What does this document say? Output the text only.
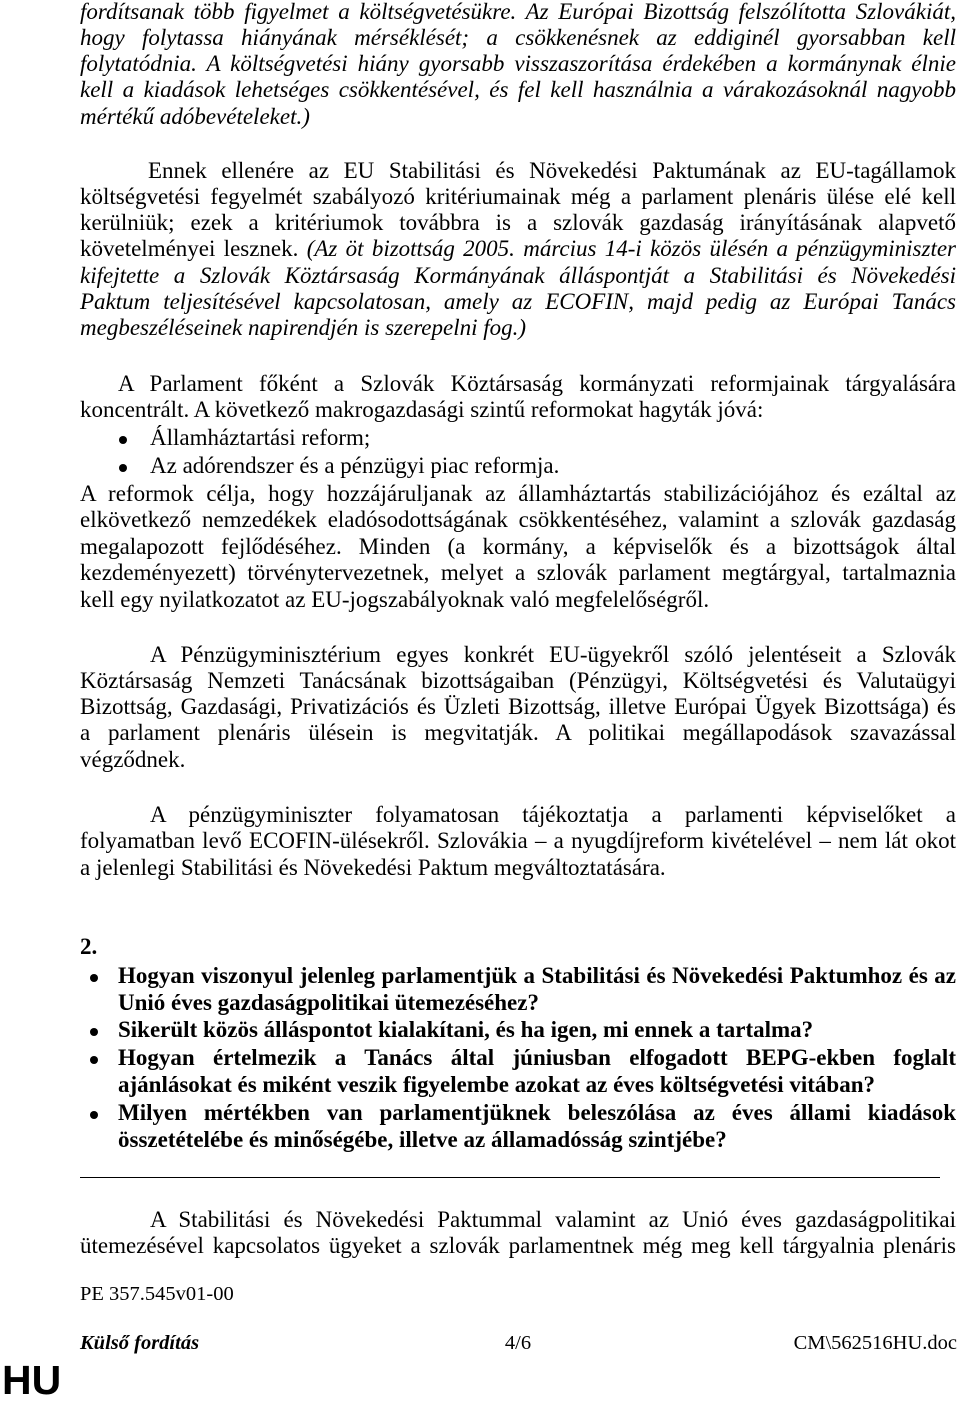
fordítsanak több figyelmet a költségvetésükre. Az Európai Bizottság felszólította Szlovákiát,
hogy folytassa hiányának mérséklését; a csökkenésnek az eddiginél gyorsabban kell
folytatódnia. A költségvetési hiány gyorsabb visszaszorítása érdekében a kormánynak élnie
kell a kiadások lehetséges csökkentésével, és fel kell használnia a várakozásoknál nagyobb
mértékű adóbevételeket.)
Ennek ellenére az EU Stabilitási és Növekedési Paktumának az EU-tagállamok
költségvetési fegyelmét szabályozó kritériumainak még a parlament plenáris ülése elé kell
kerülniük; ezek a kritériumok továbbra is a szlovák gazdaság irányításának alapvető
követelményei lesznek. (Az öt bizottság 2005. március 14-i közös ülésén a pénzügyminiszter
kifejtette a Szlovák Köztársaság Kormányának álláspontját a Stabilitási és Növekedési
Paktum teljesítésével kapcsolatosan, amely az ECOFIN, majd pedig az Európai Tanács
megbeszéléseinek napirendjén is szerepelni fog.)
A Parlament főként a Szlovák Köztársaság kormányzati reformjainak tárgyalására
koncentrált. A következő makrogazdasági szintű reformokat hagyták jóvá:
Államháztartási reform;
Az adórendszer és a pénzügyi piac reformja.
A reformok célja, hogy hozzájáruljanak az államháztartás stabilizációjához és ezáltal az
elkövetkező nemzedékek eladósodottságának csökkentéséhez, valamint a szlovák gazdaság
megalapozott fejlődéséhez. Minden (a kormány, a képviselők és a bizottságok által
kezdeményezett) törvénytervezetnek, melyet a szlovák parlament megtárgyal, tartalmaznia
kell egy nyilatkozatot az EU-jogszabályoknak való megfelelőségről.
A Pénzügyminisztérium egyes konkrét EU-ügyekről szóló jelentéseit a Szlovák
Köztársaság Nemzeti Tanácsának bizottságaiban (Pénzügyi, Költségvetési és Valutaügyi
Bizottság, Gazdasági, Privatizációs és Üzleti Bizottság, illetve Európai Ügyek Bizottsága) és
a parlament plenáris ülésein is megvitatják. A politikai megállapodások szavazással
végződnek.
A pénzügyminiszter folyamatosan tájékoztatja a parlamenti képviselőket a
folyamatban levő ECOFIN-ülésekről. Szlovákia – a nyugdíjreform kivételével – nem lát okot
a jelenlegi Stabilitási és Növekedési Paktum megváltoztatására.
2.
Hogyan viszonyul jelenleg parlamentjük a Stabilitási és Növekedési Paktumhoz és az
Unió éves gazdaságpolitikai ütemezéséhez?
Sikerült közös álláspontot kialakítani, és ha igen, mi ennek a tartalma?
Hogyan értelmezik a Tanács által júniusban elfogadott BEPG-ekben foglalt
ajánlásokat és miként veszik figyelembe azokat az éves költségvetési vitában?
Milyen mértékben van parlamentjüknek beleszólása az éves állami kiadások
összetételébe és minőségébe, illetve az államadósság szintjébe?
A Stabilitási és Növekedési Paktummal valamint az Unió éves gazdaságpolitikai
ütemezésével kapcsolatos ügyeket a szlovák parlamentnek még meg kell tárgyalnia plenáris
PE 357.545v01-00
Külső fordítás	4/6	CM\562516HU.doc
HU
